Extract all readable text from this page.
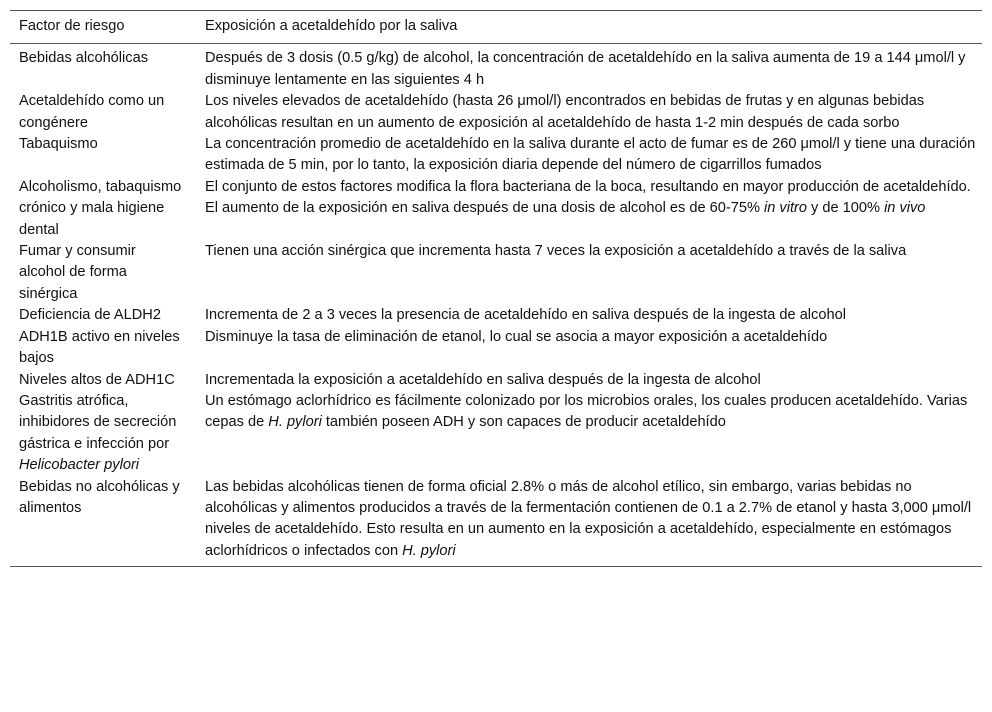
Factor de riesgo	Exposición a acetaldehído por la saliva
Bebidas alcohólicas	Después de 3 dosis (0.5 g/kg) de alcohol, la concentración de acetaldehído en la saliva aumenta de 19 a 144 μmol/l y disminuye lentamente en las siguientes 4 h
Acetaldehído como un congénere	Los niveles elevados de acetaldehído (hasta 26 μmol/l) encontrados en bebidas de frutas y en algunas bebidas alcohólicas resultan en un aumento de exposición al acetaldehído de hasta 1-2 min después de cada sorbo
Tabaquismo	La concentración promedio de acetaldehído en la saliva durante el acto de fumar es de 260 μmol/l y tiene una duración estimada de 5 min, por lo tanto, la exposición diaria depende del número de cigarrillos fumados
Alcoholismo, tabaquismo crónico y mala higiene dental	El conjunto de estos factores modifica la flora bacteriana de la boca, resultando en mayor producción de acetaldehído. El aumento de la exposición en saliva después de una dosis de alcohol es de 60-75% in vitro y de 100% in vivo
Fumar y consumir alcohol de forma sinérgica	Tienen una acción sinérgica que incrementa hasta 7 veces la exposición a acetaldehído a través de la saliva
Deficiencia de ALDH2	Incrementa de 2 a 3 veces la presencia de acetaldehído en saliva después de la ingesta de alcohol
ADH1B activo en niveles bajos	Disminuye la tasa de eliminación de etanol, lo cual se asocia a mayor exposición a acetaldehído
Niveles altos de ADH1C	Incrementada la exposición a acetaldehído en saliva después de la ingesta de alcohol
Gastritis atrófica, inhibidores de secreción gástrica e infección por Helicobacter pylori	Un estómago aclorhídrico es fácilmente colonizado por los microbios orales, los cuales producen acetaldehído. Varias cepas de H. pylori también poseen ADH y son capaces de producir acetaldehído
Bebidas no alcohólicas y alimentos	Las bebidas alcohólicas tienen de forma oficial 2.8% o más de alcohol etílico, sin embargo, varias bebidas no alcohólicas y alimentos producidos a través de la fermentación contienen de 0.1 a 2.7% de etanol y hasta 3,000 μmol/l niveles de acetaldehído. Esto resulta en un aumento en la exposición a acetaldehído, especialmente en estómagos aclorhídricos o infectados con H. pylori
